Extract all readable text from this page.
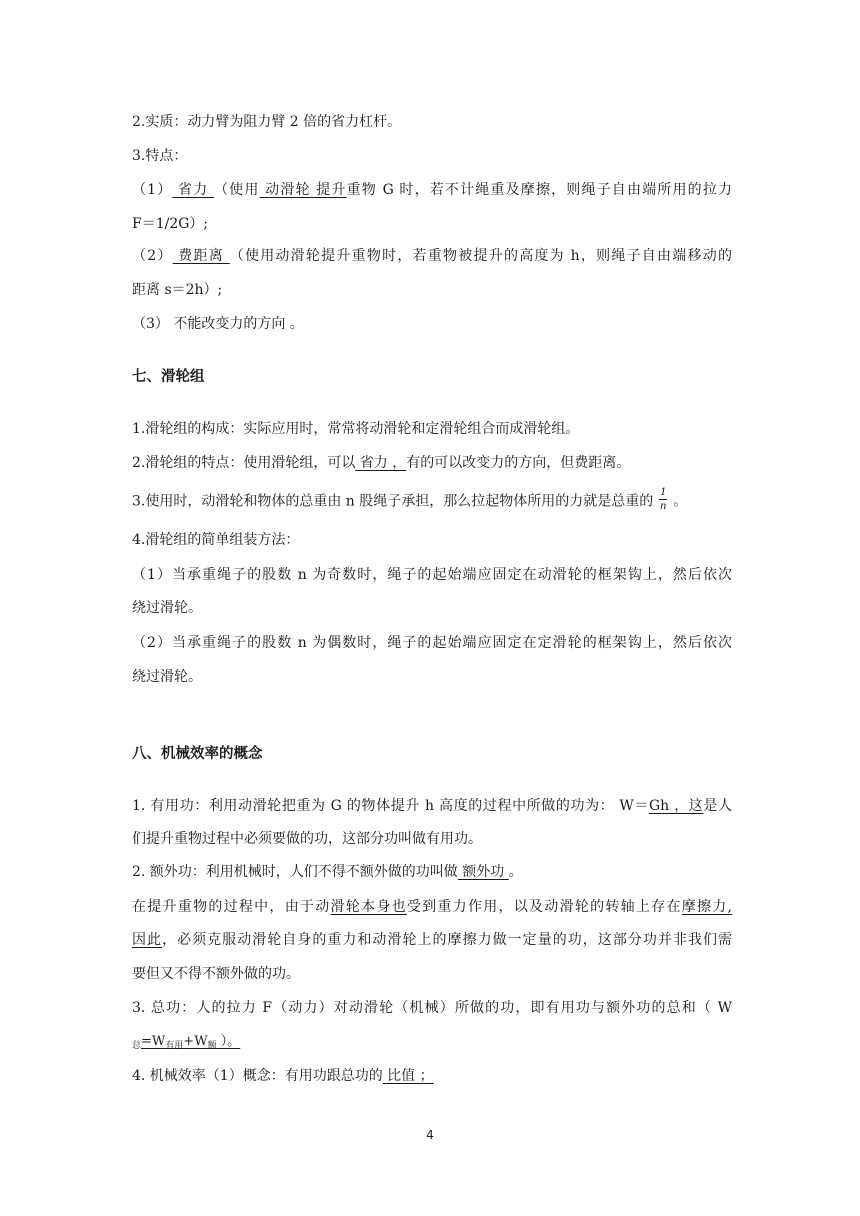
2.实质：动力臂为阻力臂 2 倍的省力杠杆。
3.特点：
（1） 省力 （使用 动滑轮 提升重物 G 时，若不计绳重及摩擦，则绳子自由端所用的拉力
F＝1/2G）;
（2） 费距离 （使用动滑轮提升重物时，若重物被提升的高度为 h，则绳子自由端移动的
距离 s＝2h）;
（3） 不能改变力的方向 。
七、滑轮组
1.滑轮组的构成：实际应用时，常常将动滑轮和定滑轮组合而成滑轮组。
2.滑轮组的特点：使用滑轮组，可以 省力 ，有的可以改变力的方向，但费距离。
3.使用时，动滑轮和物体的总重由 n 股绳子承担，那么拉起物体所用的力就是总重的 $\frac{1}{n}$ 。
4.滑轮组的简单组装方法：
（1）当承重绳子的股数 n 为奇数时，绳子的起始端应固定在动滑轮的框架钩上，然后依次
绕过滑轮。
（2）当承重绳子的股数 n 为偶数时，绳子的起始端应固定在定滑轮的框架钩上，然后依次
绕过滑轮。
八、机械效率的概念
1. 有用功：利用动滑轮把重为 G 的物体提升 h 高度的过程中所做的功为： W＝Gh ，这是人
们提升重物过程中必须要做的功，这部分功叫做有用功。
2. 额外功：利用机械时，人们不得不额外做的功叫做 额外功 。
在提升重物的过程中，由于动滑轮本身也受到重力作用，以及动滑轮的转轴上存在摩擦力,
因此，必须克服动滑轮自身的重力和动滑轮上的摩擦力做一定量的功，这部分功并非我们需
要但又不得不额外做的功。
3. 总功：人的拉力 F（动力）对动滑轮（机械）所做的功，即有用功与额外功的总和（ W
$_总=W_{有用}+W_额$ ）。
4. 机械效率（1）概念：有用功跟总功的 比值 ；
4
